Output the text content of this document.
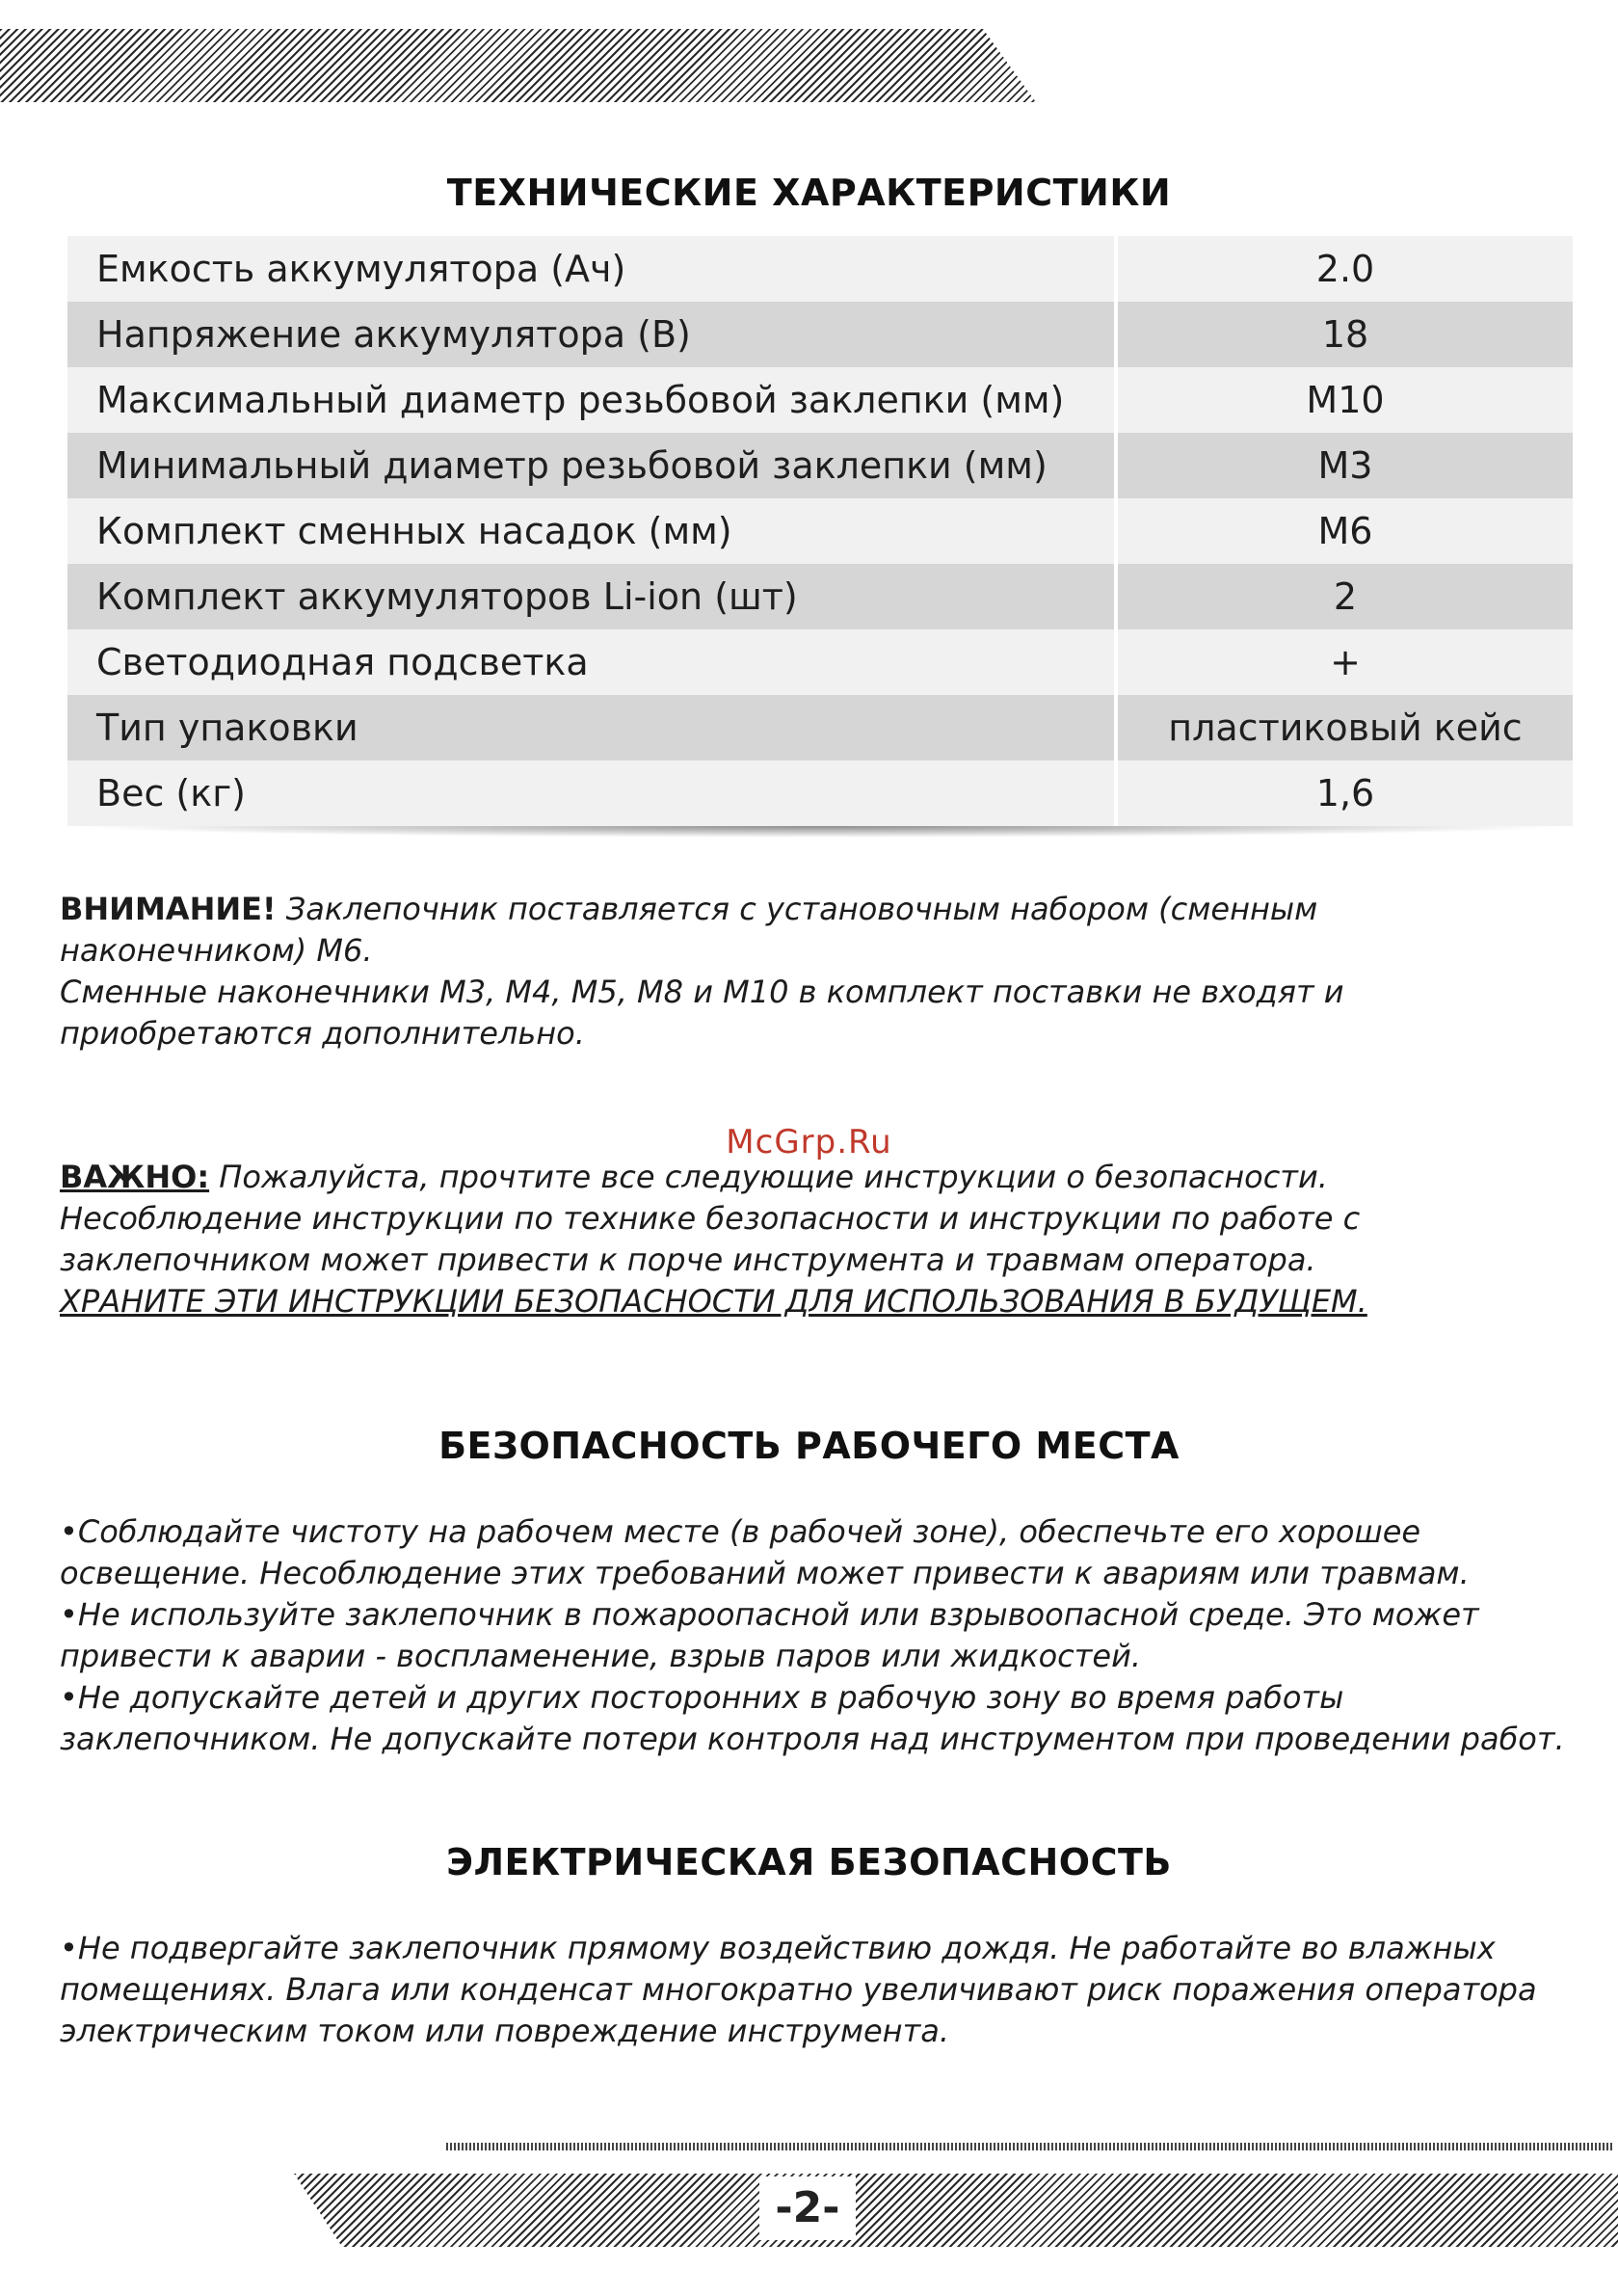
ТЕХНИЧЕСКИЕ ХАРАКТЕРИСТИКИ
Емкость аккумулятора (Ач)	2.0
Напряжение аккумулятора (В)	18
Максимальный диаметр резьбовой заклепки (мм)	М10
Минимальный диаметр резьбовой заклепки (мм)	М3
Комплект сменных насадок (мм)	М6
Комплект аккумуляторов Li-ion (шт)	2
Светодиодная подсветка	+
Тип упаковки	пластиковый кейс
Вес (кг)	1,6

ВНИМАНИЕ! Заклепочник поставляется с установочным набором (сменным наконечником) М6.
Сменные наконечники М3, М4, М5, М8 и М10 в комплект поставки не входят и приобретаются дополнительно.

McGrp.Ru

ВАЖНО: Пожалуйста, прочтите все следующие инструкции о безопасности. Несоблюдение инструкции по технике безопасности и инструкции по работе с заклепочником может привести к порче инструмента и травмам оператора.
ХРАНИТЕ ЭТИ ИНСТРУКЦИИ БЕЗОПАСНОСТИ ДЛЯ ИСПОЛЬЗОВАНИЯ В БУДУЩЕМ.

БЕЗОПАСНОСТЬ РАБОЧЕГО МЕСТА

•Соблюдайте чистоту на рабочем месте (в рабочей зоне), обеспечьте его хорошее освещение. Несоблюдение этих требований может привести к авариям или травмам.
•Не используйте заклепочник в пожароопасной или взрывоопасной среде. Это может привести к аварии - воспламенение, взрыв паров или жидкостей.
•Не допускайте детей и других посторонних в рабочую зону во время работы заклепочником. Не допускайте потери контроля над инструментом при проведении работ.

ЭЛЕКТРИЧЕСКАЯ БЕЗОПАСНОСТЬ

•Не подвергайте заклепочник прямому воздействию дождя. Не работайте во влажных помещениях. Влага или конденсат многократно увеличивают риск поражения оператора электрическим током или повреждение инструмента.

-2-
